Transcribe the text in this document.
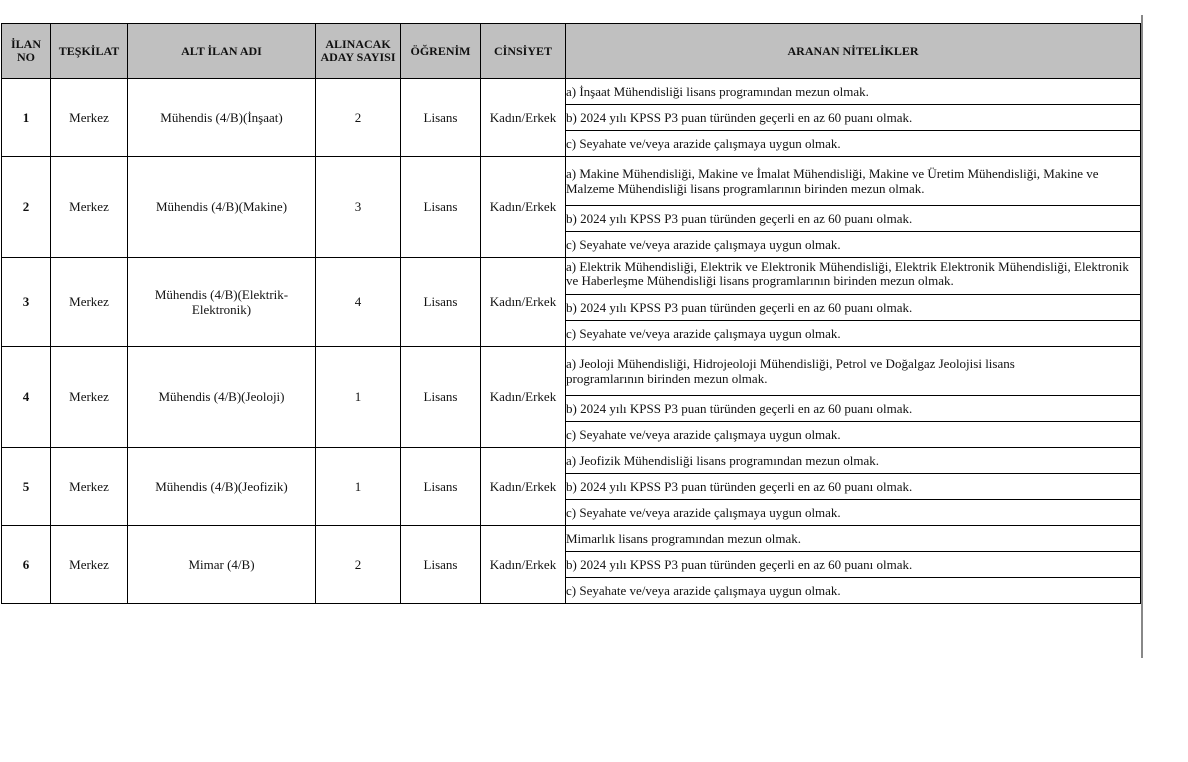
İLAN NO	TEŞKİLAT	ALT İLAN ADI	ALINACAK ADAY SAYISI	ÖĞRENİM	CİNSİYET	ARANAN NİTELİKLER
1	Merkez	Mühendis (4/B)(İnşaat)	2	Lisans	Kadın/Erkek	a) İnşaat Mühendisliği lisans programından mezun olmak.
						b) 2024 yılı KPSS P3 puan türünden geçerli en az 60 puanı olmak.
						c) Seyahate ve/veya arazide çalışmaya uygun olmak.
2	Merkez	Mühendis (4/B)(Makine)	3	Lisans	Kadın/Erkek	a) Makine Mühendisliği, Makine ve İmalat Mühendisliği, Makine ve Üretim Mühendisliği, Makine ve Malzeme Mühendisliği lisans programlarının birinden mezun olmak.
						b) 2024 yılı KPSS P3 puan türünden geçerli en az 60 puanı olmak.
						c) Seyahate ve/veya arazide çalışmaya uygun olmak.
3	Merkez	Mühendis (4/B)(Elektrik-Elektronik)	4	Lisans	Kadın/Erkek	a) Elektrik Mühendisliği, Elektrik ve Elektronik Mühendisliği, Elektrik Elektronik Mühendisliği, Elektronik ve Haberleşme Mühendisliği lisans programlarının birinden mezun olmak.
						b) 2024 yılı KPSS P3 puan türünden geçerli en az 60 puanı olmak.
						c) Seyahate ve/veya arazide çalışmaya uygun olmak.
4	Merkez	Mühendis (4/B)(Jeoloji)	1	Lisans	Kadın/Erkek	a) Jeoloji Mühendisliği, Hidrojeoloji Mühendisliği, Petrol ve Doğalgaz Jeolojisi lisans programlarının birinden mezun olmak.
						b) 2024 yılı KPSS P3 puan türünden geçerli en az 60 puanı olmak.
						c) Seyahate ve/veya arazide çalışmaya uygun olmak.
5	Merkez	Mühendis (4/B)(Jeofizik)	1	Lisans	Kadın/Erkek	a) Jeofizik Mühendisliği lisans programından mezun olmak.
						b) 2024 yılı KPSS P3 puan türünden geçerli en az 60 puanı olmak.
						c) Seyahate ve/veya arazide çalışmaya uygun olmak.
6	Merkez	Mimar (4/B)	2	Lisans	Kadın/Erkek	Mimarlık lisans programından mezun olmak.
						b) 2024 yılı KPSS P3 puan türünden geçerli en az 60 puanı olmak.
						c) Seyahate ve/veya arazide çalışmaya uygun olmak.
